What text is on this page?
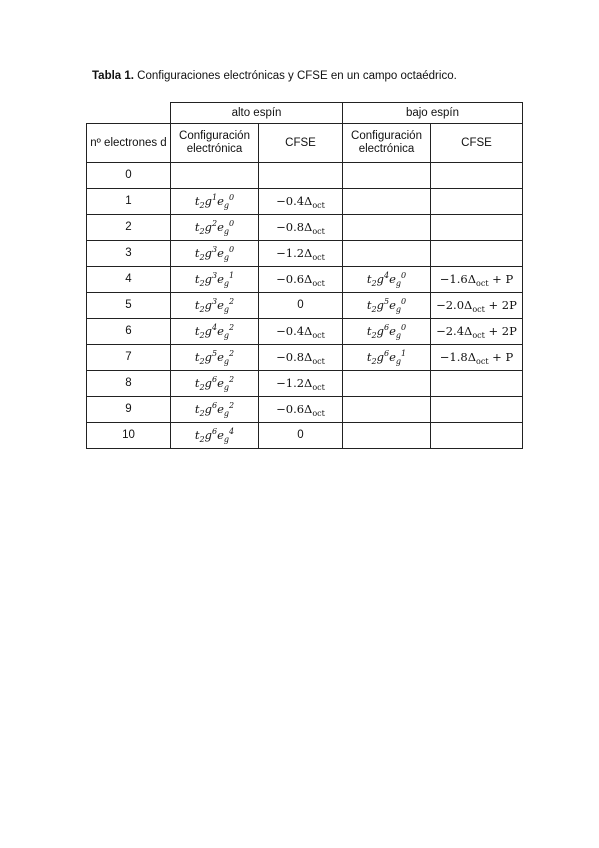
Tabla 1. Configuraciones electrónicas y CFSE en un campo octaédrico.
	alto espín		bajo espín	
nº electrones d	Configuración electrónica	CFSE	Configuración electrónica	CFSE
0				
1	$t_2g^1e_g^0$	$-0.4\Delta_{oct}$		
2	$t_2g^2e_g^0$	$-0.8\Delta_{oct}$		
3	$t_2g^3e_g^0$	$-1.2\Delta_{oct}$		
4	$t_2g^3e_g^1$	$-0.6\Delta_{oct}$	$t_2g^4e_g^0$	$-1.6\Delta_{oct} + P$
5	$t_2g^3e_g^2$	0	$t_2g^5e_g^0$	$-2.0\Delta_{oct} + 2P$
6	$t_2g^4e_g^2$	$-0.4\Delta_{oct}$	$t_2g^6e_g^0$	$-2.4\Delta_{oct} + 2P$
7	$t_2g^5e_g^2$	$-0.8\Delta_{oct}$	$t_2g^6e_g^1$	$-1.8\Delta_{oct} + P$
8	$t_2g^6e_g^2$	$-1.2\Delta_{oct}$		
9	$t_2g^6e_g^2$	$-0.6\Delta_{oct}$		
10	$t_2g^6e_g^4$	0		
